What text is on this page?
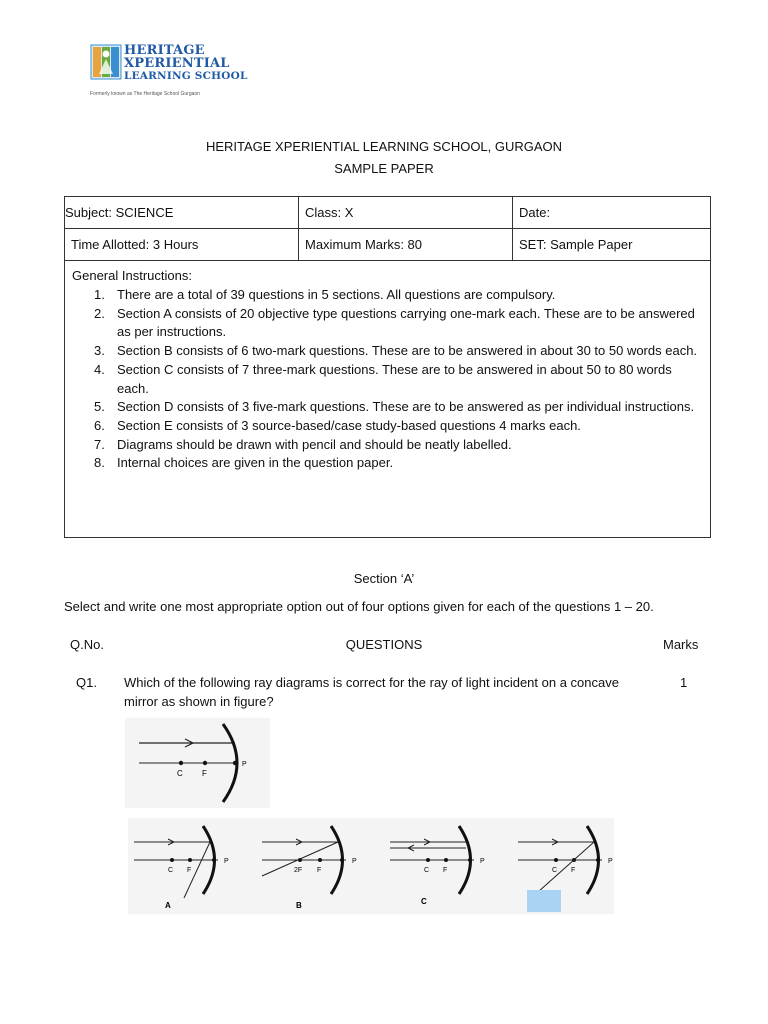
HERITAGE
XPERIENTIAL
LEARNING SCHOOL
Formerly known as The Heritage School Gurgaon
HERITAGE XPERIENTIAL LEARNING SCHOOL, GURGAON
SAMPLE PAPER
Subject: SCIENCE	Class: X	Date:
Time Allotted: 3 Hours	Maximum Marks: 80	SET: Sample Paper
General Instructions:
1. There are a total of 39 questions in 5 sections. All questions are compulsory.
2. Section A consists of 20 objective type questions carrying one-mark each. These are to be answered as per instructions.
3. Section B consists of 6 two-mark questions. These are to be answered in about 30 to 50 words each.
4. Section C consists of 7 three-mark questions. These are to be answered in about 50 to 80 words each.
5. Section D consists of 3 five-mark questions. These are to be answered as per individual instructions.
6. Section E consists of 3 source-based/case study-based questions 4 marks each.
7. Diagrams should be drawn with pencil and should be neatly labelled.
8. Internal choices are given in the question paper.
Section ‘A’
Select and write one most appropriate option out of four options given for each of the questions 1 – 20.
Q.No.	QUESTIONS	Marks
Q1. Which of the following ray diagrams is correct for the ray of light incident on a concave mirror as shown in figure?
1
C F
P
C F
P
A
2F F
P
B
C F
P
C
C F
P
D
